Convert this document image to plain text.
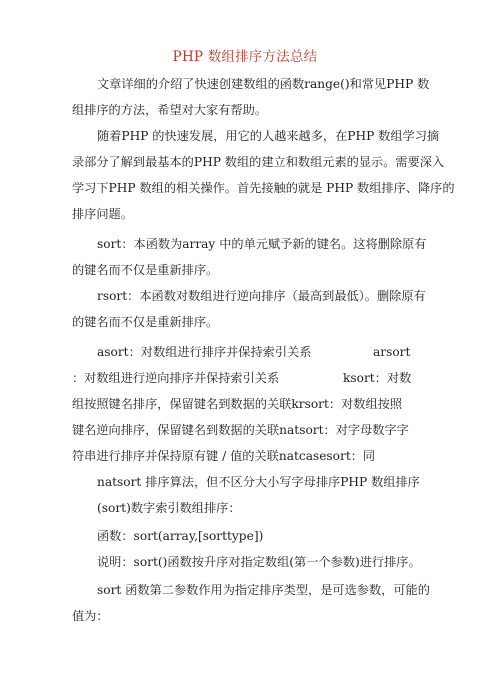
PHP 数组排序方法总结
文章详细的介绍了快速创建数组的函数range()和常见PHP 数
组排序的方法，希望对大家有帮助。
随着PHP 的快速发展，用它的人越来越多，在PHP 数组学习摘
录部分了解到最基本的PHP 数组的建立和数组元素的显示。需要深入
学习下PHP 数组的相关操作。首先接触的就是 PHP 数组排序、降序的
排序问题。
sort：本函数为array 中的单元赋予新的键名。这将删除原有
的键名而不仅是重新排序。
rsort：本函数对数组进行逆向排序（最高到最低）。删除原有
的键名而不仅是重新排序。
asort：对数组进行排序并保持索引关系	arsort
：对数组进行逆向排序并保持索引关系	ksort：对数
组按照键名排序，保留键名到数据的关联krsort：对数组按照
键名逆向排序，保留键名到数据的关联natsort：对字母数字字
符串进行排序并保持原有键 / 值的关联natcasesort：同
natsort 排序算法，但不区分大小写字母排序PHP 数组排序
(sort)数字索引数组排序：
函数：sort(array,[sorttype])
说明：sort()函数按升序对指定数组(第一个参数)进行排序。
sort 函数第二参数作用为指定排序类型，是可选参数，可能的
值为：
